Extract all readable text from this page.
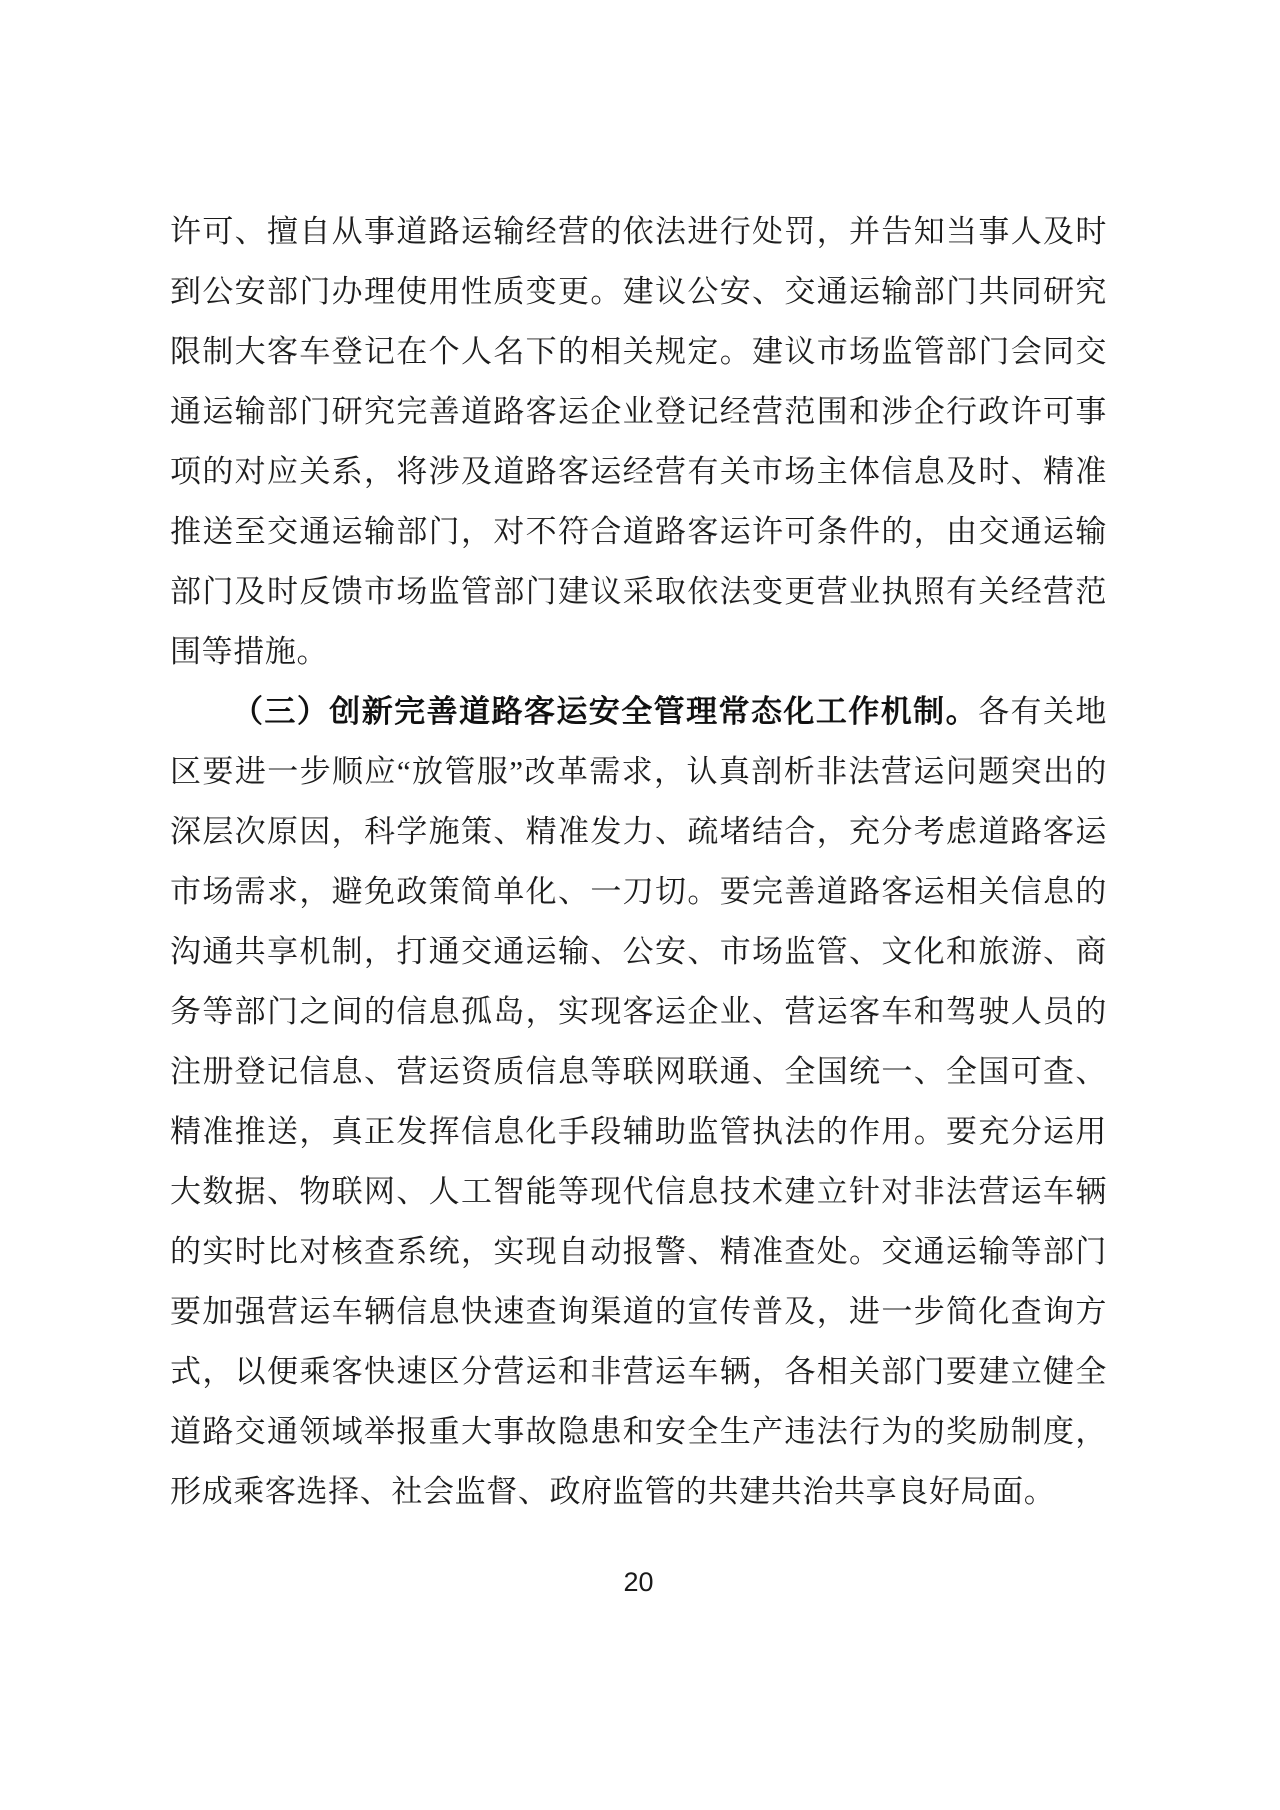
许可、擅自从事道路运输经营的依法进行处罚，并告知当事人及时到公安部门办理使用性质变更。建议公安、交通运输部门共同研究限制大客车登记在个人名下的相关规定。建议市场监管部门会同交通运输部门研究完善道路客运企业登记经营范围和涉企行政许可事项的对应关系，将涉及道路客运经营有关市场主体信息及时、精准推送至交通运输部门，对不符合道路客运许可条件的，由交通运输部门及时反馈市场监管部门建议采取依法变更营业执照有关经营范围等措施。

（三）创新完善道路客运安全管理常态化工作机制。各有关地区要进一步顺应“放管服”改革需求，认真剖析非法营运问题突出的深层次原因，科学施策、精准发力、疏堵结合，充分考虑道路客运市场需求，避免政策简单化、一刀切。要完善道路客运相关信息的沟通共享机制，打通交通运输、公安、市场监管、文化和旅游、商务等部门之间的信息孤岛，实现客运企业、营运客车和驾驶人员的注册登记信息、营运资质信息等联网联通、全国统一、全国可查、精准推送，真正发挥信息化手段辅助监管执法的作用。要充分运用大数据、物联网、人工智能等现代信息技术建立针对非法营运车辆的实时比对核查系统，实现自动报警、精准查处。交通运输等部门要加强营运车辆信息快速查询渠道的宣传普及，进一步简化查询方式，以便乘客快速区分营运和非营运车辆，各相关部门要建立健全道路交通领域举报重大事故隐患和安全生产违法行为的奖励制度，形成乘客选择、社会监督、政府监管的共建共治共享良好局面。

20
